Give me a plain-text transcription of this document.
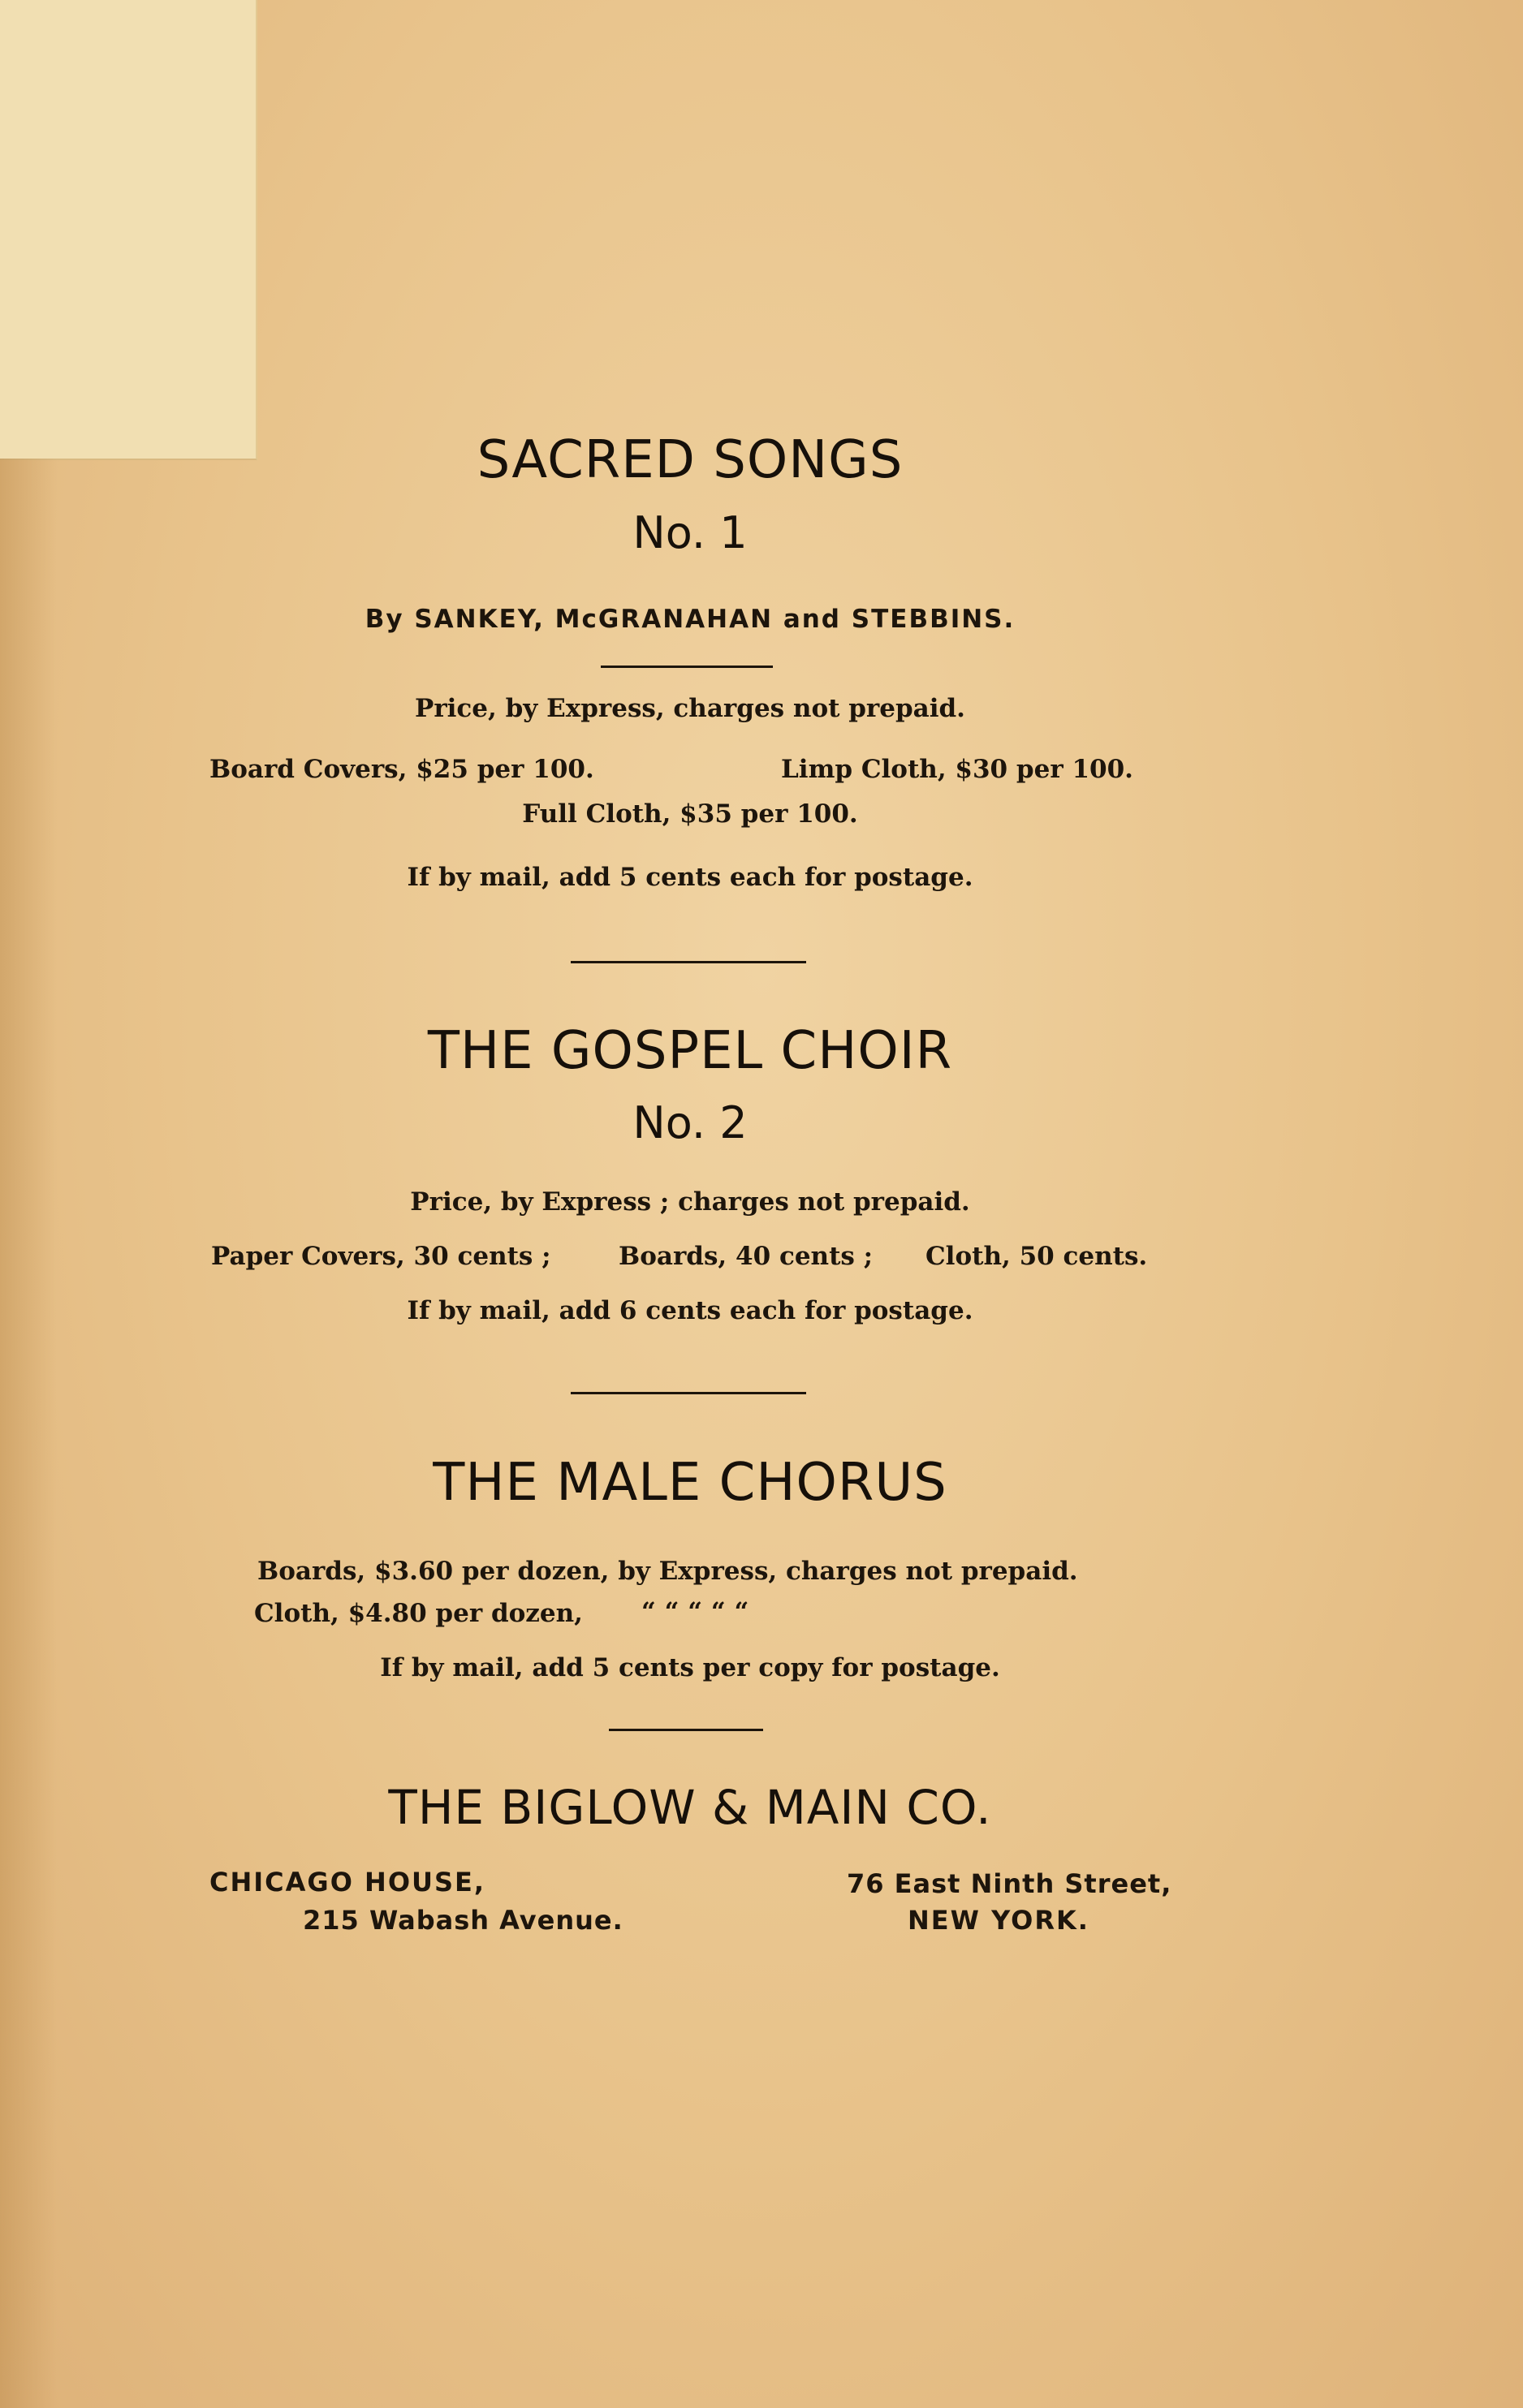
SACRED SONGS
No. 1
By SANKEY, McGRANAHAN and STEBBINS.
Price, by Express, charges not prepaid.
Board Covers, $25 per 100.	Limp Cloth, $30 per 100.
Full Cloth, $35 per 100.
If by mail, add 5 cents each for postage.
THE GOSPEL CHOIR
No. 2
Price, by Express ; charges not prepaid.
Paper Covers, 30 cents ;	Boards, 40 cents ; Cloth, 50 cents.
If by mail, add 6 cents each for postage.
THE MALE CHORUS
Boards, $3.60 per dozen, by Express, charges not prepaid.
Cloth, $4.80 per dozen, “ “ “ “ “
If by mail, add 5 cents per copy for postage.
THE BIGLOW & MAIN CO.
CHICAGO HOUSE,
215 Wabash Avenue.
76 East Ninth Street,
NEW YORK.
